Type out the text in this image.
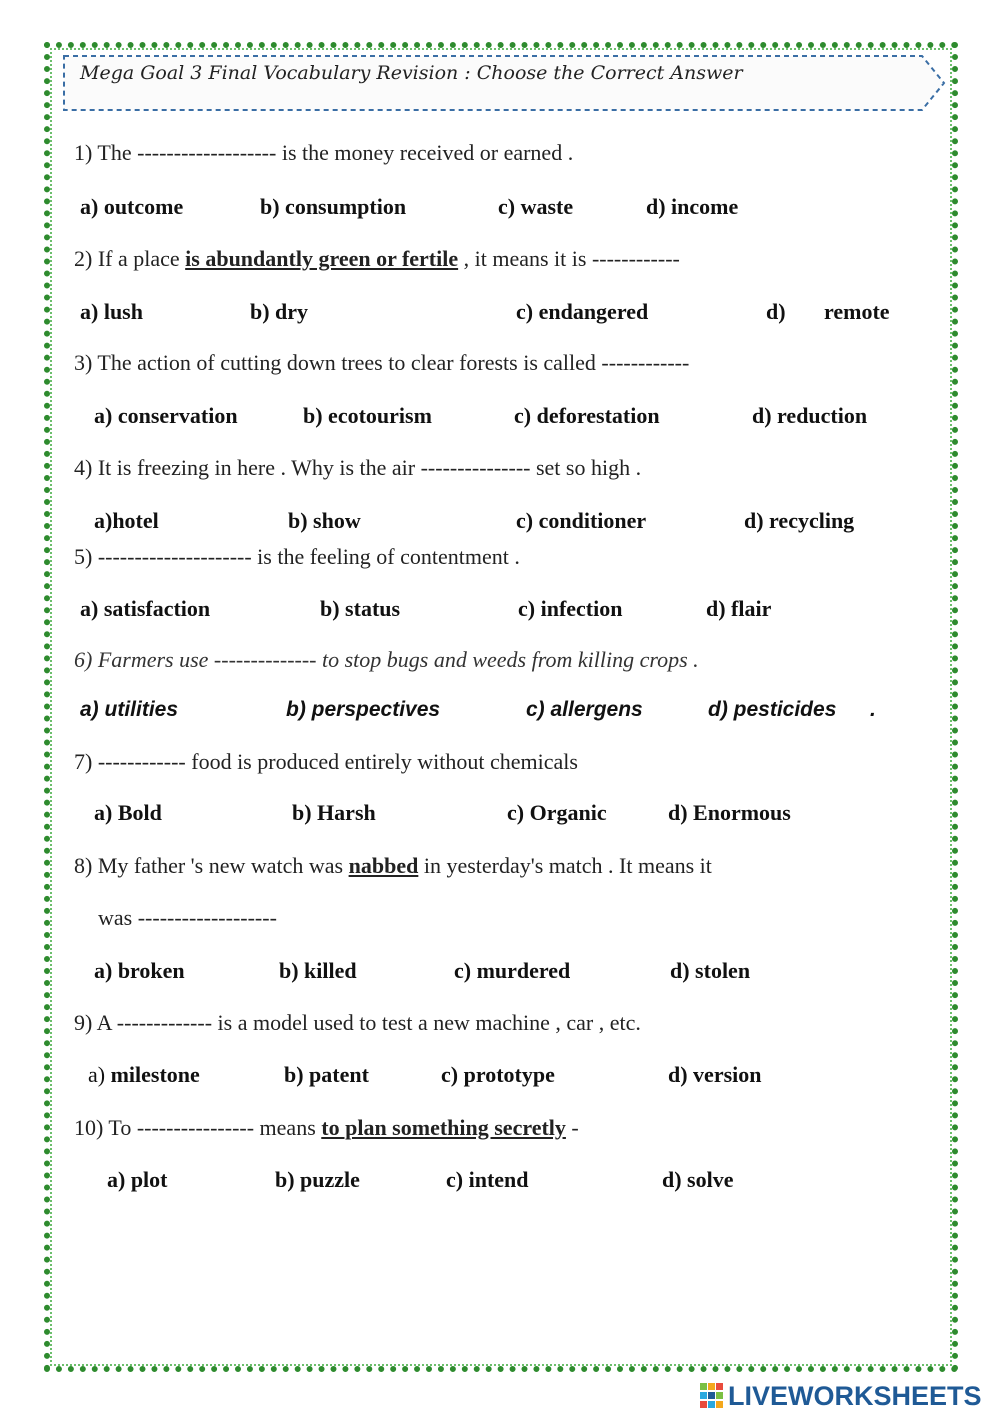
Mega Goal 3 Final Vocabulary Revision : Choose the Correct Answer
1) The ------------------- is the money received or earned .
a) outcome	b) consumption	c) waste	d) income
2) If a place is abundantly green or fertile , it means it is ------------
a) lush	b) dry	c) endangered	d) remote
3) The action of cutting down trees to clear forests is called ------------
a) conservation	b) ecotourism	c) deforestation	d) reduction
4) It is freezing in here . Why is the air --------------- set so high .
a)hotel	b) show	c) conditioner	d) recycling
5) --------------------- is the feeling of contentment .
a) satisfaction	b) status	c) infection	d) flair
6) Farmers use -------------- to stop bugs and weeds from killing crops .
a) utilities	b) perspectives	c) allergens	d) pesticides .
7) ------------ food is produced entirely without chemicals
a) Bold	b) Harsh	c) Organic	d) Enormous
8) My father 's new watch was nabbed in yesterday's match . It means it
was -------------------
a) broken	b) killed	c) murdered	d) stolen
9) A ------------- is a model used to test a new machine , car , etc.
a) milestone	b) patent	c) prototype	d) version
10) To ---------------- means to plan something secretly -
a) plot	b) puzzle	c) intend	d) solve
LIVEWORKSHEETS
